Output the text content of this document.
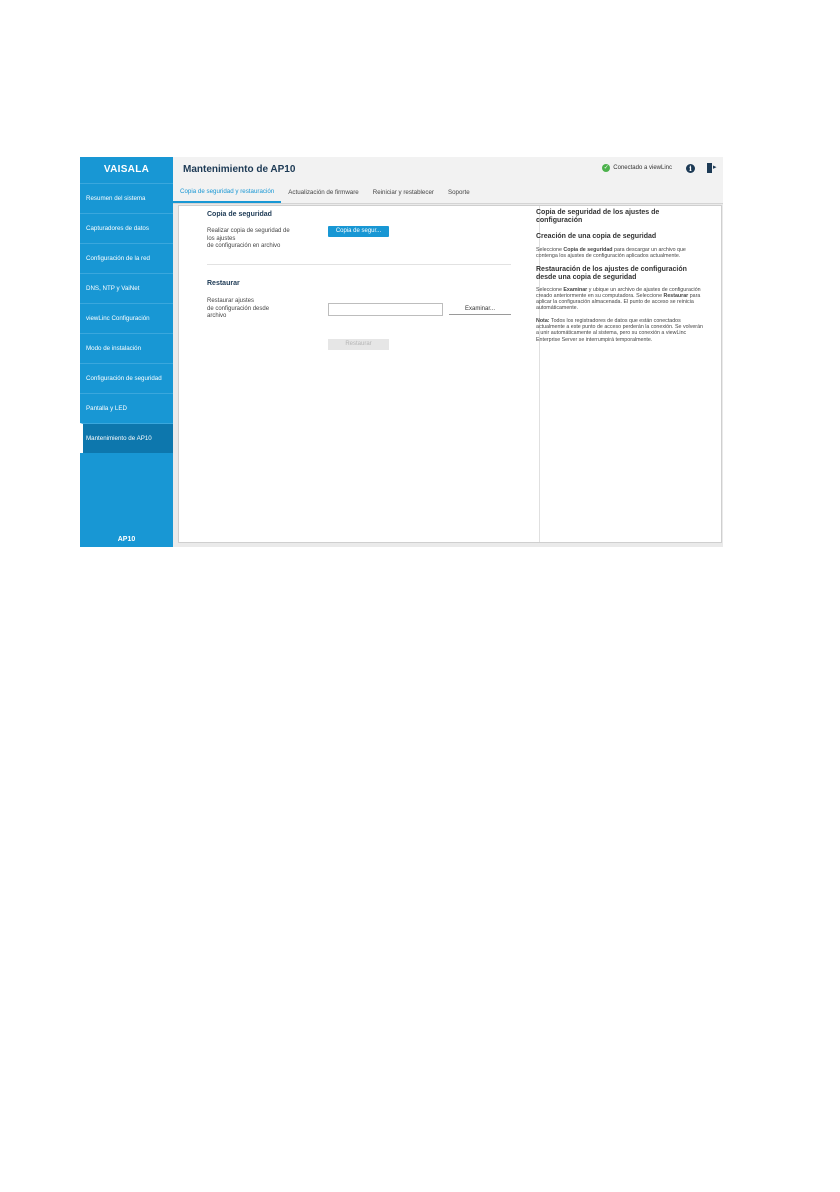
VAISALA
Resumen del sistema
Capturadores de datos
Configuración de la red
DNS, NTP y VaiNet
viewLinc Configuración
Modo de instalación
Configuración de seguridad
Pantalla y LED
Mantenimiento de AP10
AP10
Mantenimiento de AP10	✓ Conectado a viewLinc	i	▸
Copia de seguridad y restauración	Actualización de firmware	Reiniciar y restablecer	Soporte
Copia de seguridad
Realizar copia de seguridad de
los ajustes
de configuración en archivo
Copia de segur...
Restaurar
Restaurar ajustes
de configuración desde
archivo
Examinar...
Restaurar
Copia de seguridad de los ajustes de configuración
Creación de una copia de seguridad

Seleccione Copia de seguridad para descargar un archivo que contenga los ajustes de configuración aplicados actualmente.

Restauración de los ajustes de configuración desde una copia de seguridad

Seleccione Examinar y ubique un archivo de ajustes de configuración creado anteriormente en su computadora. Seleccione Restaurar para aplicar la configuración almacenada. El punto de acceso se reinicia automáticamente.

Nota: Todos los registradores de datos que están conectados actualmente a este punto de acceso perderán la conexión. Se volverán a unir automáticamente al sistema, pero su conexión a viewLinc Enterprise Server se interrumpirá temporalmente.
